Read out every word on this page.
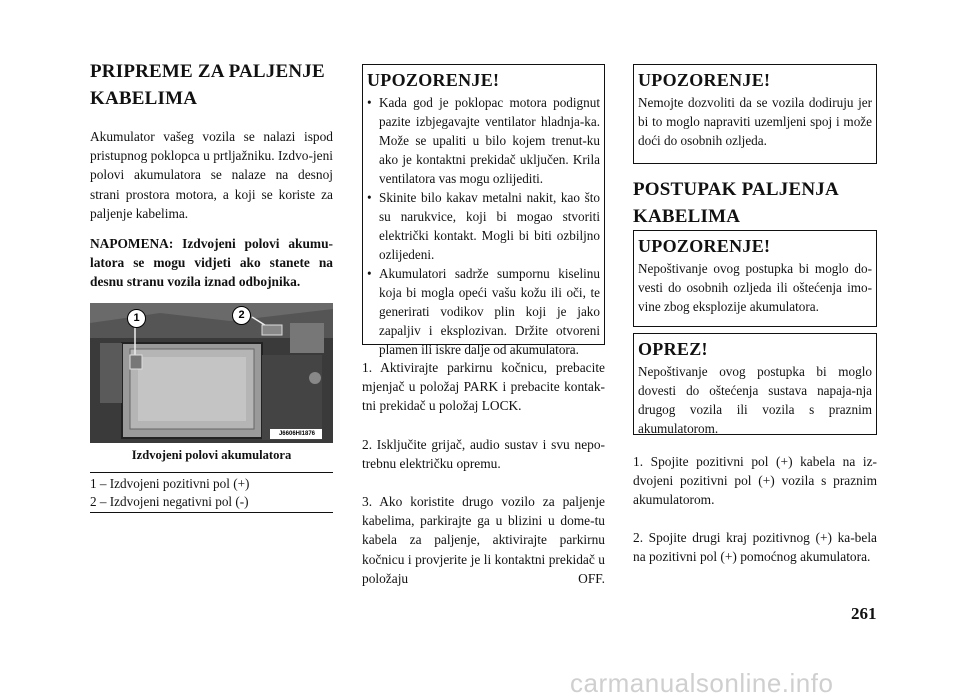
PRIPREME ZA PALJENJE
KABELIMA

Akumulator vašeg vozila se nalazi ispod pristupnog poklopca u prtljažniku. Izdvo-jeni polovi akumulatora se nalaze na desnoj strani prostora motora, a koji se koriste za paljenje kabelima.

NAPOMENA: Izdvojeni polovi akumu-latora se mogu vidjeti ako stanete na desnu stranu vozila iznad odbojnika.

1	2
J6606HI1876
Izdvojeni polovi akumulatora
1 – Izdvojeni pozitivni pol (+)
2 – Izdvojeni negativni pol (-)
UPOZORENJE!
• Kada god je poklopac motora podignut pazite izbjegavajte ventilator hladnja-ka. Može se upaliti u bilo kojem trenut-ku ako je kontaktni prekidač uključen. Krila ventilatora vas mogu ozlijediti.
• Skinite bilo kakav metalni nakit, kao što su narukvice, koji bi mogao stvoriti električki kontakt. Mogli bi biti ozbiljno ozlijedeni.
• Akumulatori sadrže sumpornu kiselinu koja bi mogla opeći vašu kožu ili oči, te generirati vodikov plin koji je jako zapaljiv i eksplozivan. Držite otvoreni plamen ili iskre dalje od akumulatora.

1. Aktivirajte parkirnu kočnicu, prebacite mjenjač u položaj PARK i prebacite kontak-tni prekidač u položaj LOCK.

2. Isključite grijač, audio sustav i svu nepo-trebnu električku opremu.

3. Ako koristite drugo vozilo za paljenje kabelima, parkirajte ga u blizini u dome-tu kabela za paljenje, aktivirajte parkirnu kočnicu i provjerite je li kontaktni prekidač u položaju OFF.

UPOZORENJE!
Nemojte dozvoliti da se vozila dodiruju jer bi to moglo napraviti uzemljeni spoj i može doći do osobnih ozljeda.
POSTUPAK PALJENJA
KABELIMA
UPOZORENJE!
Nepoštivanje ovog postupka bi moglo do-vesti do osobnih ozljeda ili oštećenja imo-vine zbog eksplozije akumulatora.
OPREZ!
Nepoštivanje ovog postupka bi moglo dovesti do oštećenja sustava napaja-nja drugog vozila ili vozila s praznim akumulatorom.

1. Spojite pozitivni pol (+) kabela na iz-dvojeni pozitivni pol (+) vozila s praznim akumulatorom.

2. Spojite drugi kraj pozitivnog (+) ka-bela na pozitivni pol (+) pomoćnog akumulatora.

261
carmanualsonline.info
